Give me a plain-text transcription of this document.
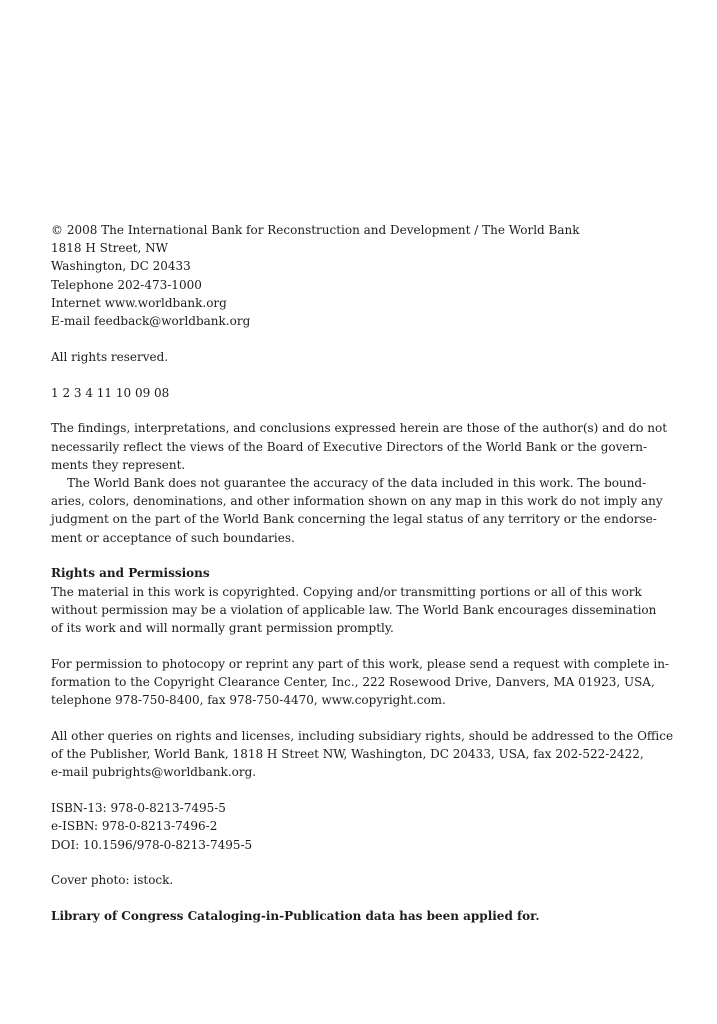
© 2008 The International Bank for Reconstruction and Development / The World Bank
1818 H Street, NW
Washington, DC 20433
Telephone 202-473-1000
Internet www.worldbank.org
E-mail feedback@worldbank.org
All rights reserved.
1 2 3 4 11 10 09 08
The findings, interpretations, and conclusions expressed herein are those of the author(s) and do not
necessarily reflect the views of the Board of Executive Directors of the World Bank or the govern-
ments they represent.
The World Bank does not guarantee the accuracy of the data included in this work. The bound-
aries, colors, denominations, and other information shown on any map in this work do not imply any
judgment on the part of the World Bank concerning the legal status of any territory or the endorse-
ment or acceptance of such boundaries.
Rights and Permissions
The material in this work is copyrighted. Copying and/or transmitting portions or all of this work
without permission may be a violation of applicable law. The World Bank encourages dissemination
of its work and will normally grant permission promptly.
For permission to photocopy or reprint any part of this work, please send a request with complete in-
formation to the Copyright Clearance Center, Inc., 222 Rosewood Drive, Danvers, MA 01923, USA,
telephone 978-750-8400, fax 978-750-4470, www.copyright.com.
All other queries on rights and licenses, including subsidiary rights, should be addressed to the Office
of the Publisher, World Bank, 1818 H Street NW, Washington, DC 20433, USA, fax 202-522-2422,
e-mail pubrights@worldbank.org.
ISBN-13: 978-0-8213-7495-5
e-ISBN: 978-0-8213-7496-2
DOI: 10.1596/978-0-8213-7495-5
Cover photo: istock.
Library of Congress Cataloging-in-Publication data has been applied for.
